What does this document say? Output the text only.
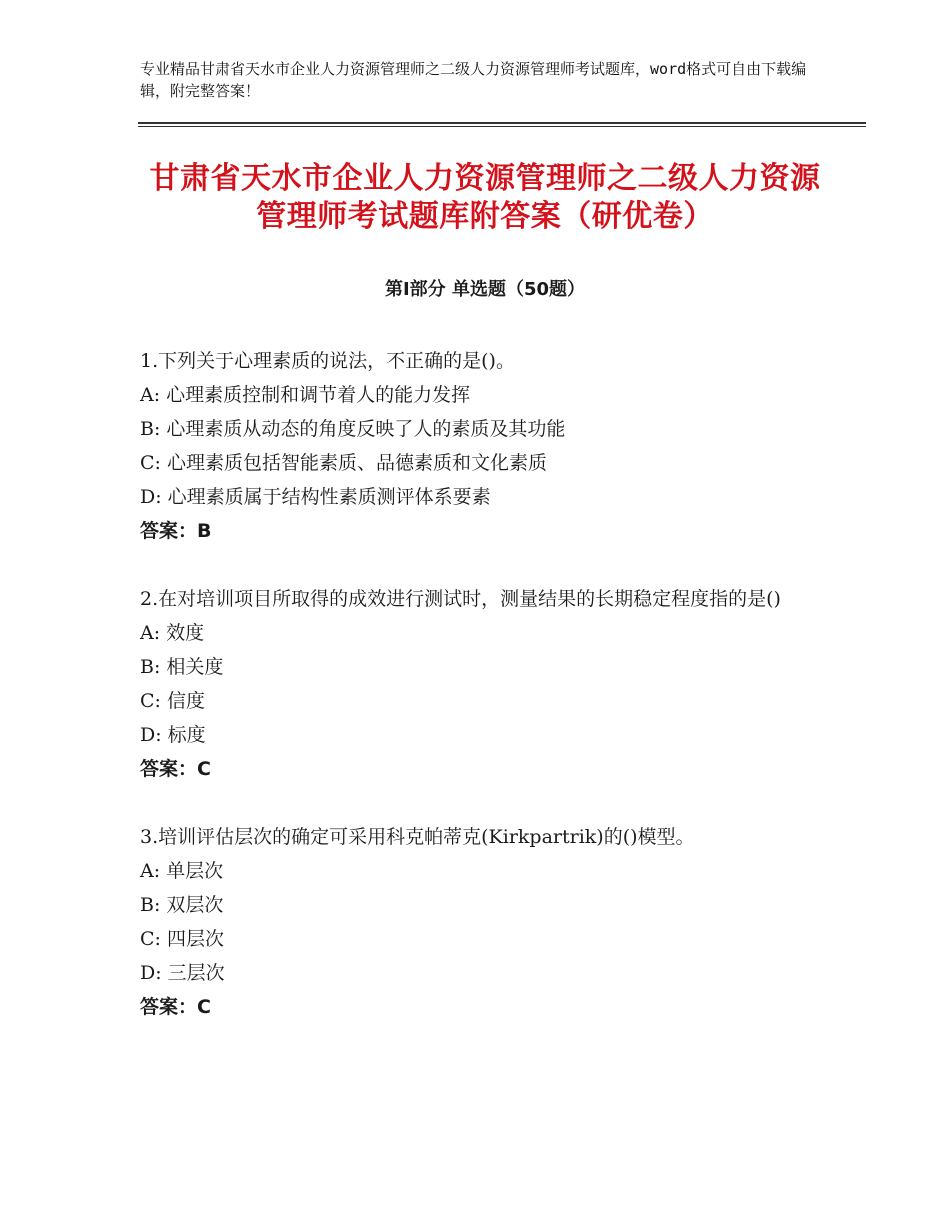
专业精品甘肃省天水市企业人力资源管理师之二级人力资源管理师考试题库，word格式可自由下载编辑，附完整答案！
甘肃省天水市企业人力资源管理师之二级人力资源管理师考试题库附答案（研优卷）
第Ⅰ部分 单选题（50题）
1.下列关于心理素质的说法，不正确的是()。
A: 心理素质控制和调节着人的能力发挥
B: 心理素质从动态的角度反映了人的素质及其功能
C: 心理素质包括智能素质、品德素质和文化素质
D: 心理素质属于结构性素质测评体系要素
答案：B
2.在对培训项目所取得的成效进行测试时，测量结果的长期稳定程度指的是()
A: 效度
B: 相关度
C: 信度
D: 标度
答案：C
3.培训评估层次的确定可采用科克帕蒂克(Kirkpartrik)的()模型。
A: 单层次
B: 双层次
C: 四层次
D: 三层次
答案：C
